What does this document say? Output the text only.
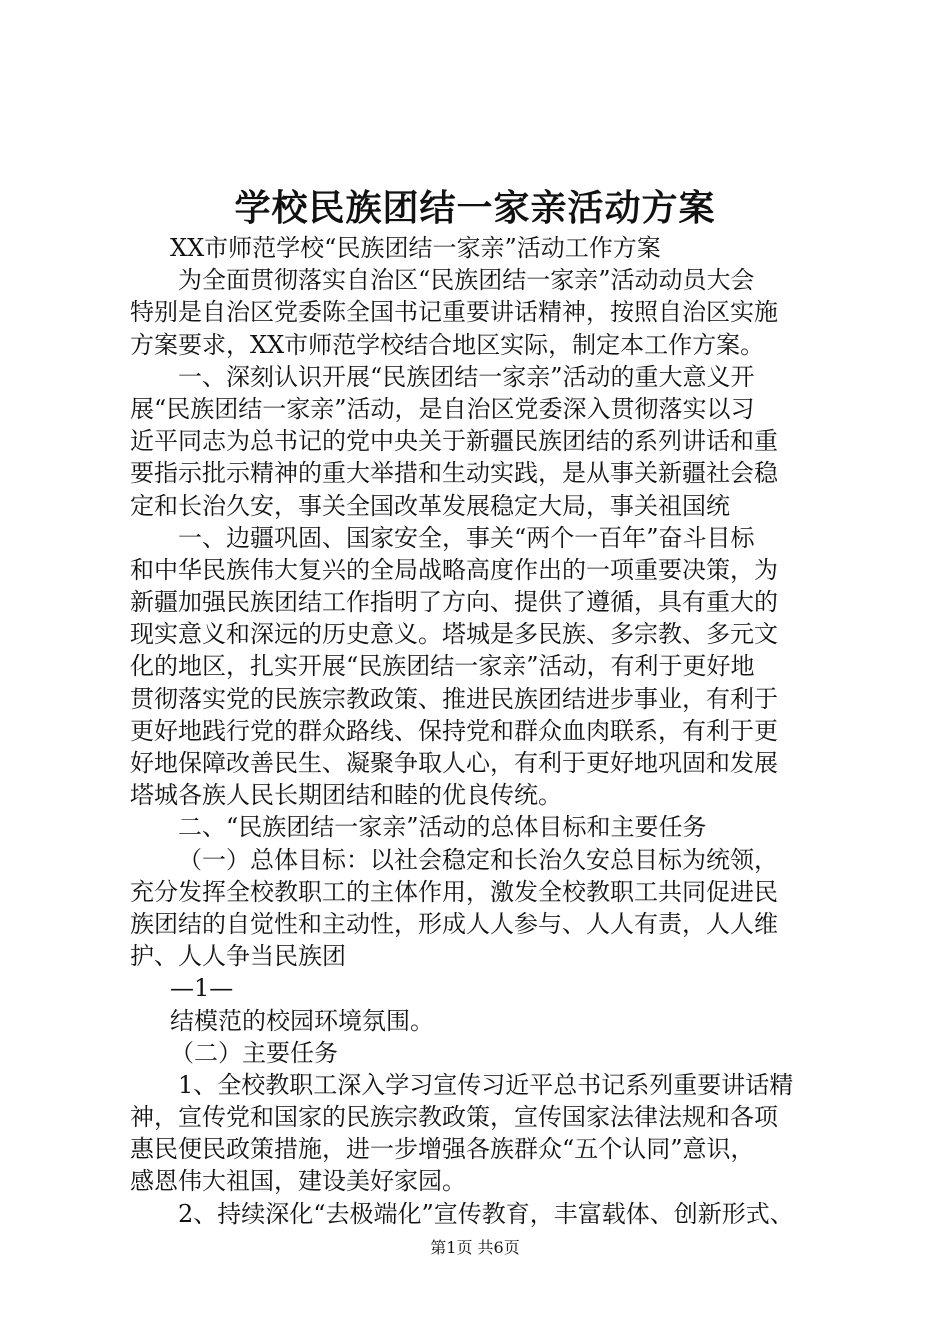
学校民族团结一家亲活动方案
XX市师范学校“民族团结一家亲”活动工作方案
为全面贯彻落实自治区“民族团结一家亲”活动动员大会
特别是自治区党委陈全国书记重要讲话精神，按照自治区实施
方案要求，XX市师范学校结合地区实际，制定本工作方案。
一、深刻认识开展“民族团结一家亲”活动的重大意义开
展“民族团结一家亲”活动，是自治区党委深入贯彻落实以习
近平同志为总书记的党中央关于新疆民族团结的系列讲话和重
要指示批示精神的重大举措和生动实践，是从事关新疆社会稳
定和长治久安，事关全国改革发展稳定大局，事关祖国统
一、边疆巩固、国家安全，事关“两个一百年”奋斗目标
和中华民族伟大复兴的全局战略高度作出的一项重要决策，为
新疆加强民族团结工作指明了方向、提供了遵循，具有重大的
现实意义和深远的历史意义。塔城是多民族、多宗教、多元文
化的地区，扎实开展“民族团结一家亲”活动，有利于更好地
贯彻落实党的民族宗教政策、推进民族团结进步事业，有利于
更好地践行党的群众路线、保持党和群众血肉联系，有利于更
好地保障改善民生、凝聚争取人心，有利于更好地巩固和发展
塔城各族人民长期团结和睦的优良传统。
二、“民族团结一家亲”活动的总体目标和主要任务
（一）总体目标：以社会稳定和长治久安总目标为统领，
充分发挥全校教职工的主体作用，激发全校教职工共同促进民
族团结的自觉性和主动性，形成人人参与、人人有责，人人维
护、人人争当民族团
—1—
结模范的校园环境氛围。
（二）主要任务
1、全校教职工深入学习宣传习近平总书记系列重要讲话精
神，宣传党和国家的民族宗教政策，宣传国家法律法规和各项
惠民便民政策措施，进一步增强各族群众“五个认同”意识，
感恩伟大祖国，建设美好家园。
2、持续深化“去极端化”宣传教育，丰富载体、创新形式、
第1页 共6页
